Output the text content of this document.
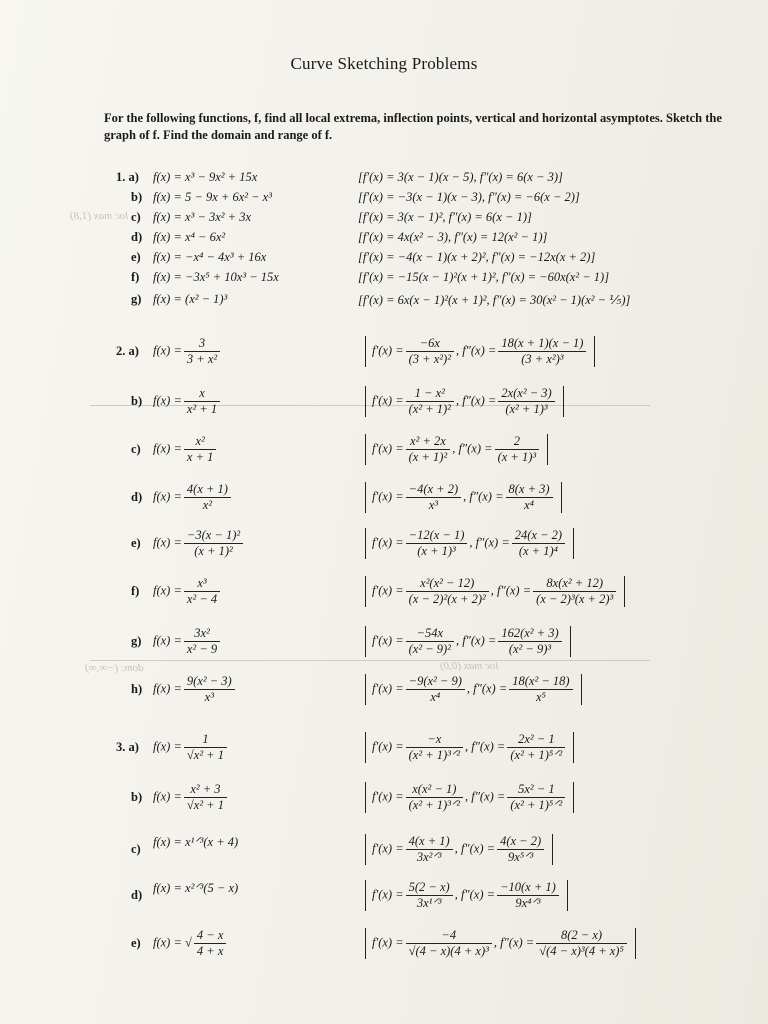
loc max (1,8)
loc max (0,0)
dom: (−∞,∞)
Curve Sketching Problems
For the following functions, f, find all local extrema, inflection points, vertical and horizontal asymptotes. Sketch the graph of f. Find the domain and range of f.
1. a) f(x) = x³ − 9x² + 15x	[f′(x) = 3(x − 1)(x − 5), f″(x) = 6(x − 3)]
b) f(x) = 5 − 9x + 6x² − x³	[f′(x) = −3(x − 1)(x − 3), f″(x) = −6(x − 2)]
c) f(x) = x³ − 3x² + 3x	[f′(x) = 3(x − 1)², f″(x) = 6(x − 1)]
d) f(x) = x⁴ − 6x²	[f′(x) = 4x(x² − 3), f″(x) = 12(x² − 1)]
e) f(x) = −x⁴ − 4x³ + 16x	[f′(x) = −4(x − 1)(x + 2)², f″(x) = −12x(x + 2)]
f) f(x) = −3x⁵ + 10x³ − 15x	[f′(x) = −15(x − 1)²(x + 1)², f″(x) = −60x(x² − 1)]
g) f(x) = (x² − 1)³	[f′(x) = 6x(x − 1)²(x + 1)², f″(x) = 30(x² − 1)(x² − ⅕)]
2. a) $f(x) = \frac{3}{\text{3 + x²}}$	$f'(x) = \frac{-6x}{\text{(3 + x²)²}}$ , $f''(x) = \frac{18(x + 1)(x - 1)}{\text{(3 + x²)³}}$
b) $f(x) = \frac{x}{\text{x² + 1}}$	$f'(x) = \frac{\text{1 − x²}}{\text{(x² + 1)²}}$ , $f''(x) = \frac{\text{2x(x² − 3)}}{\text{(x² + 1)³}}$
c) $f(x) = \frac{\text{x²}}{x + 1}$	$f'(x) = \frac{\text{x² + 2x}}{\text{(x + 1)²}}$ , $f''(x) = \frac{2}{\text{(x + 1)³}}$
d) $f(x) = \frac{4(x + 1)}{\text{x²}}$	$f'(x) = \frac{-4(x + 2)}{\text{x³}}$ , $f''(x) = \frac{8(x + 3)}{\text{x⁴}}$
e) $f(x) = \frac{\text{−3(x − 1)²}}{\text{(x + 1)²}}$	$f'(x) = \frac{-12(x - 1)}{\text{(x + 1)³}}$ , $f''(x) = \frac{24(x - 2)}{\text{(x + 1)⁴}}$
f) $f(x) = \frac{\text{x³}}{\text{x² − 4}}$	$f'(x) = \frac{\text{x²(x² − 12)}}{\text{(x − 2)²(x + 2)²}}$ , $f''(x) = \frac{\text{8x(x² + 12)}}{\text{(x − 2)³(x + 2)³}}$
g) $f(x) = \frac{\text{3x²}}{\text{x² − 9}}$	$f'(x) = \frac{-54x}{\text{(x² − 9)²}}$ , $f''(x) = \frac{\text{162(x² + 3)}}{\text{(x² − 9)³}}$
h) $f(x) = \frac{\text{9(x² − 3)}}{\text{x³}}$	$f'(x) = \frac{\text{−9(x² − 9)}}{\text{x⁴}}$ , $f''(x) = \frac{\text{18(x² − 18)}}{\text{x⁵}}$
3. a) $f(x) = \frac{1}{\text{√x² + 1}}$	$f'(x) = \frac{-x}{\text{(x² + 1)³ᐟ²}}$ , $f''(x) = \frac{\text{2x² − 1}}{\text{(x² + 1)⁵ᐟ²}}$
b) $f(x) = \frac{\text{x² + 3}}{\text{√x² + 1}}$	$f'(x) = \frac{\text{x(x² − 1)}}{\text{(x² + 1)³ᐟ²}}$ , $f''(x) = \frac{\text{5x² − 1}}{\text{(x² + 1)⁵ᐟ²}}$
c) f(x) = x¹ᐟ³(x + 4)	$f'(x) = \frac{4(x + 1)}{\text{3x²ᐟ³}}$ , $f''(x) = \frac{4(x - 2)}{\text{9x⁵ᐟ³}}$
d) f(x) = x²ᐟ³(5 − x)	$f'(x) = \frac{5(2 - x)}{\text{3x¹ᐟ³}}$ , $f''(x) = \frac{-10(x + 1)}{\text{9x⁴ᐟ³}}$
e) f(x) = √ $\frac{4 - x}{4 + x}$	$f'(x) = \frac{-4}{\text{√(4 − x)(4 + x)³}}$ , $f''(x) = \frac{8(2 - x)}{\text{√(4 − x)³(4 + x)⁵}}$
